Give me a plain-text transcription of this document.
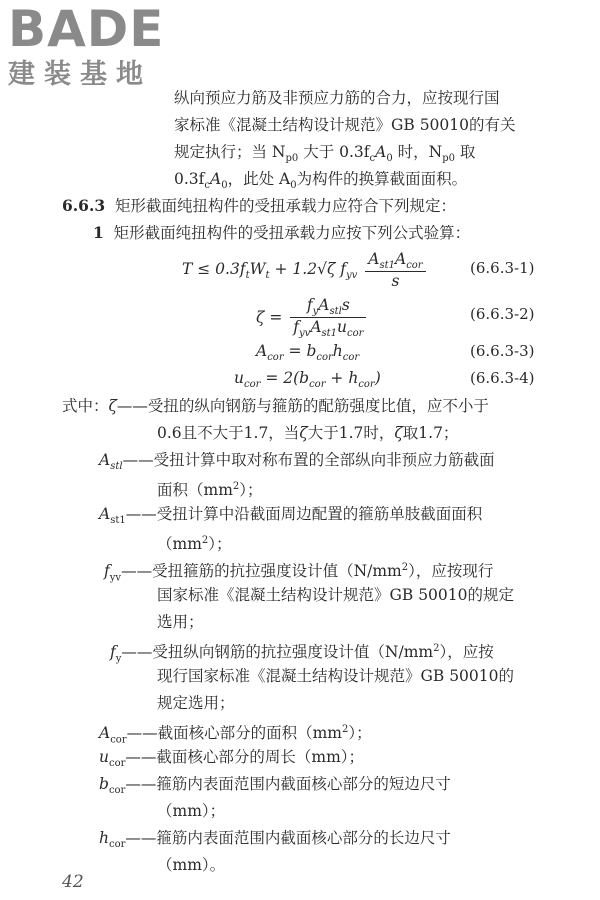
BADE
建装基地
纵向预应力筋及非预应力筋的合力，应按现行国
家标准《混凝土结构设计规范》GB 50010的有关
规定执行；当 $N_{p0}$ 大于 $0.3f_cA_0$ 时，$N_{p0}$ 取
$0.3f_cA_0$，此处 $A_0$为构件的换算截面面积。
6.6.3 矩形截面纯扭构件的受扭承载力应符合下列规定：
1 矩形截面纯扭构件的受扭承载力应按下列公式验算：
$T \le 0.3f_tW_t + 1.2√\zeta$ $f_{yv} \frac{A_{st1}A_{cor}}{s}$	(6.6.3-1)
$\zeta = \frac{f_yA_{stl}s}{f_{yv}A_{st1}u_{cor}}$	(6.6.3-2)
$A_{cor} = b_{cor}h_{cor}$	(6.6.3-3)
$u_{cor} = 2(b_{cor} + h_{cor})$	(6.6.3-4)
式中：ζ——受扭的纵向钢筋与箍筋的配筋强度比值，应不小于
0.6且不大于1.7，当ζ大于1.7时，ζ取1.7；
$A_{stl}——$受扭计算中取对称布置的全部纵向非预应力筋截面
面积$(mm^2)$；
$A_{st1}——$受扭计算中沿截面周边配置的箍筋单肢截面面积
$(mm^2)$；
$f_{yv}——$受扭箍筋的抗拉强度设计值$(N/mm^2)$，应按现行
国家标准《混凝土结构设计规范》GB 50010的规定
选用；
$f_y——$受扭纵向钢筋的抗拉强度设计值$(N/mm^2)$，应按
现行国家标准《混凝土结构设计规范》GB 50010的
规定选用；
$A_{cor}——$截面核心部分的面积$(mm^2)$；
$u_{cor}——$截面核心部分的周长（mm）；
$b_{cor}——$箍筋内表面范围内截面核心部分的短边尺寸
（mm）；
$h_{cor}——$箍筋内表面范围内截面核心部分的长边尺寸
（mm）。
42
